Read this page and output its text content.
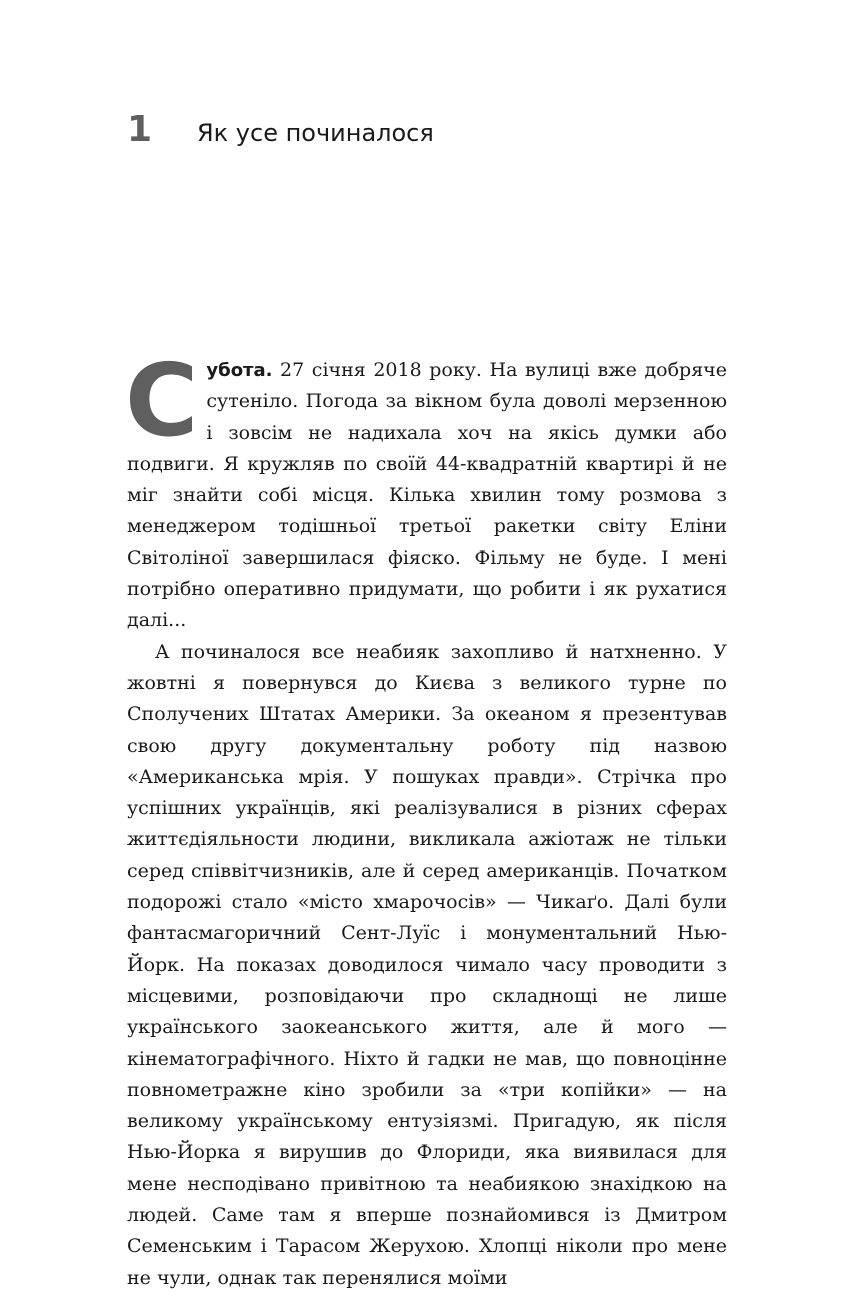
1	Як усе починалося

Субота. 27 січня 2018 року. На вулиці вже добряче сутеніло. Погода за вікном була доволі мерзенною і зовсім не надихала хоч на якісь думки або подвиги. Я кружляв по своїй 44-квадратній квартирі й не міг знайти собі місця. Кілька хвилин тому розмова з менеджером тодішньої третьої ракетки світу Еліни Світоліної завершилася фіяско. Фільму не буде. І мені потрібно оперативно придумати, що робити і як рухатися далі...

А починалося все неабияк захопливо й натхненно. У жовтні я повернувся до Києва з великого турне по Сполучених Штатах Америки. За океаном я презентував свою другу документальну роботу під назвою «Американська мрія. У пошуках правди». Стрічка про успішних українців, які реалізувалися в різних сферах життєдіяльности людини, викликала ажіотаж не тільки серед співвітчизників, але й серед американців. Початком подорожі стало «місто хмарочосів» — Чикаґо. Далі були фантасмагоричний Сент-Луїс і монументальний Нью-Йорк. На показах доводилося чимало часу проводити з місцевими, розповідаючи про складнощі не лише українського заокеанського життя, але й мого — кінематографічного. Ніхто й гадки не мав, що повноцінне повнометражне кіно зробили за «три копійки» — на великому українському ентузіязмі. Пригадую, як після Нью-Йорка я вирушив до Флориди, яка виявилася для мене несподівано привітною та неабиякою знахідкою на людей. Саме там я вперше познайомився із Дмитром Семенським і Тарасом Жерухою. Хлопці ніколи про мене не чули, однак так перенялися моїми
